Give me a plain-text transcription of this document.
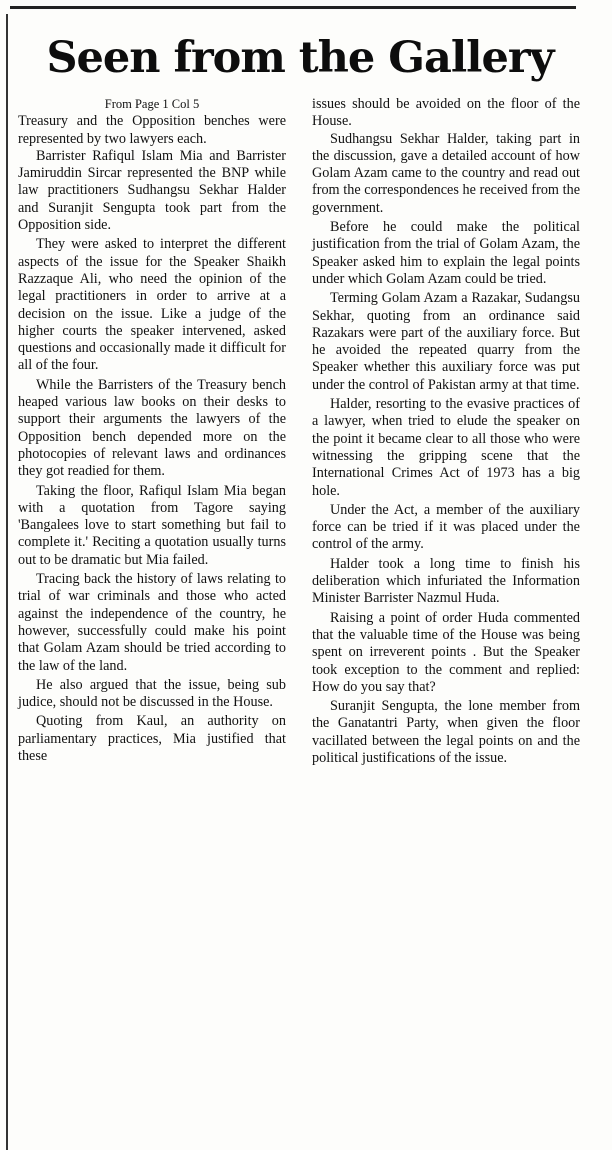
Seen from the Gallery

From Page 1 Col 5

Treasury and the Opposition benches were represented by two lawyers each.

Barrister Rafiqul Islam Mia and Barrister Jamiruddin Sircar represented the BNP while law practitioners Sudhangsu Sekhar Halder and Suranjit Sengupta took part from the Opposition side.

They were asked to interpret the different aspects of the issue for the Speaker Shaikh Razzaque Ali, who need the opinion of the legal practitioners in order to arrive at a decision on the issue. Like a judge of the higher courts the speaker intervened, asked questions and occasionally made it difficult for all of the four.

While the Barristers of the Treasury bench heaped various law books on their desks to support their arguments the lawyers of the Opposition bench depended more on the photocopies of relevant laws and ordinances they got readied for them.

Taking the floor, Rafiqul Islam Mia began with a quotation from Tagore saying 'Bangalees love to start something but fail to complete it.' Reciting a quotation usually turns out to be dramatic but Mia failed.

Tracing back the history of laws relating to trial of war criminals and those who acted against the independence of the country, he however, successfully could make his point that Golam Azam should be tried according to the law of the land.

He also argued that the issue, being sub judice, should not be discussed in the House.

Quoting from Kaul, an authority on parliamentary practices, Mia justified that these

issues should be avoided on the floor of the House.

Sudhangsu Sekhar Halder, taking part in the discussion, gave a detailed account of how Golam Azam came to the country and read out from the correspondences he received from the government.

Before he could make the political justification from the trial of Golam Azam, the Speaker asked him to explain the legal points under which Golam Azam could be tried.

Terming Golam Azam a Razakar, Sudangsu Sekhar, quoting from an ordinance said Razakars were part of the auxiliary force. But he avoided the repeated quarry from the Speaker whether this auxiliary force was put under the control of Pakistan army at that time.

Halder, resorting to the evasive practices of a lawyer, when tried to elude the speaker on the point it became clear to all those who were witnessing the gripping scene that the International Crimes Act of 1973 has a big hole.

Under the Act, a member of the auxiliary force can be tried if it was placed under the control of the army.

Halder took a long time to finish his deliberation which infuriated the Information Minister Barrister Nazmul Huda.

Raising a point of order Huda commented that the valuable time of the House was being spent on irreverent points . But the Speaker took exception to the comment and replied: How do you say that?

Suranjit Sengupta, the lone member from the Ganatantri Party, when given the floor vacillated between the legal points on and the political justifications of the issue.
